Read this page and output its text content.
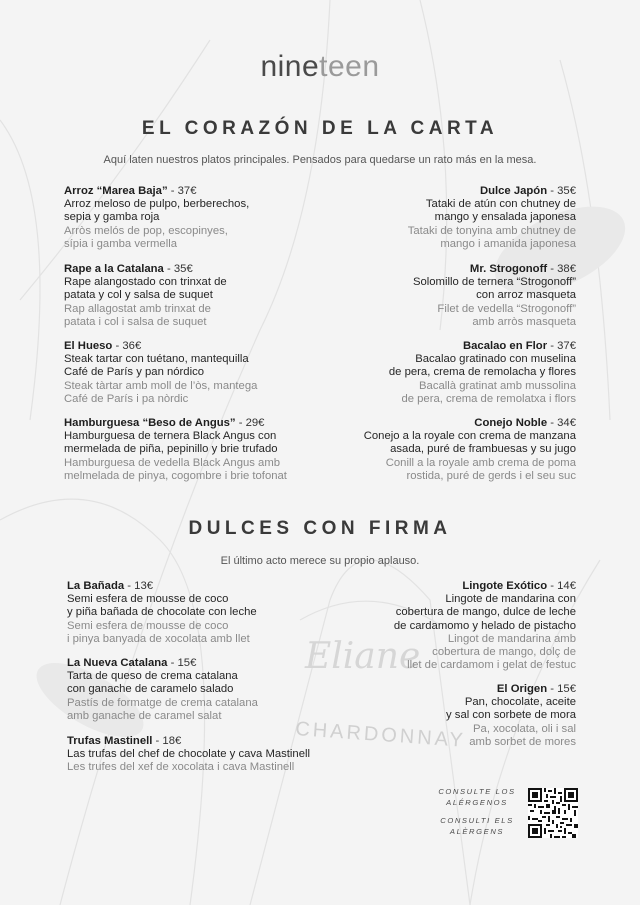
Eliane
CHARDONNAY
nineteen
EL CORAZÓN DE LA CARTA
Aquí laten nuestros platos principales. Pensados para quedarse un rato más en la mesa.
Arroz “Marea Baja” - 37€
Arroz meloso de pulpo, berberechos,
sepia y gamba roja
Arròs melós de pop, escopinyes,
sípia i gamba vermella
Rape a la Catalana - 35€
Rape alangostado con trinxat de
patata y col y salsa de suquet
Rap allagostat amb trinxat de
patata i col i salsa de suquet
El Hueso - 36€
Steak tartar con tuétano, mantequilla
Café de París y pan nórdico
Steak tàrtar amb moll de l’òs, mantega
Café de París i pa nòrdic
Hamburguesa “Beso de Angus” - 29€
Hamburguesa de ternera Black Angus con
mermelada de piña, pepinillo y brie trufado
Hamburguesa de vedella Black Angus amb
melmelada de pinya, cogombre i brie tofonat
Dulce Japón - 35€
Tataki de atún con chutney de
mango y ensalada japonesa
Tataki de tonyina amb chutney de
mango i amanida japonesa
Mr. Strogonoff - 38€
Solomillo de ternera “Strogonoff”
con arroz masqueta
Filet de vedella “Strogonoff”
amb arròs masqueta
Bacalao en Flor - 37€
Bacalao gratinado con muselina
de pera, crema de remolacha y flores
Bacallà gratinat amb mussolina
de pera, crema de remolatxa i flors
Conejo Noble - 34€
Conejo a la royale con crema de manzana
asada, puré de frambuesas y su jugo
Conill a la royale amb crema de poma
rostida, puré de gerds i el seu suc
DULCES CON FIRMA
El último acto merece su propio aplauso.
La Bañada - 13€
Semi esfera de mousse de coco
y piña bañada de chocolate con leche
Semi esfera de mousse de coco
i pinya banyada de xocolata amb llet
La Nueva Catalana - 15€
Tarta de queso de crema catalana
con ganache de caramelo salado
Pastís de formatge de crema catalana
amb ganache de caramel salat
Trufas Mastinell - 18€
Las trufas del chef de chocolate y cava Mastinell
Les trufes del xef de xocolata i cava Mastinell
Lingote Exótico - 14€
Lingote de mandarina con
cobertura de mango, dulce de leche
de cardamomo y helado de pistacho
Lingot de mandarina amb
cobertura de mango, dolç de
llet de cardamom i gelat de festuc
El Origen - 15€
Pan, chocolate, aceite
y sal con sorbete de mora
Pa, xocolata, oli i sal
amb sorbet de mores
CONSULTE LOS
ALÉRGENOS
CONSULTI ELS
ALÈRGENS
